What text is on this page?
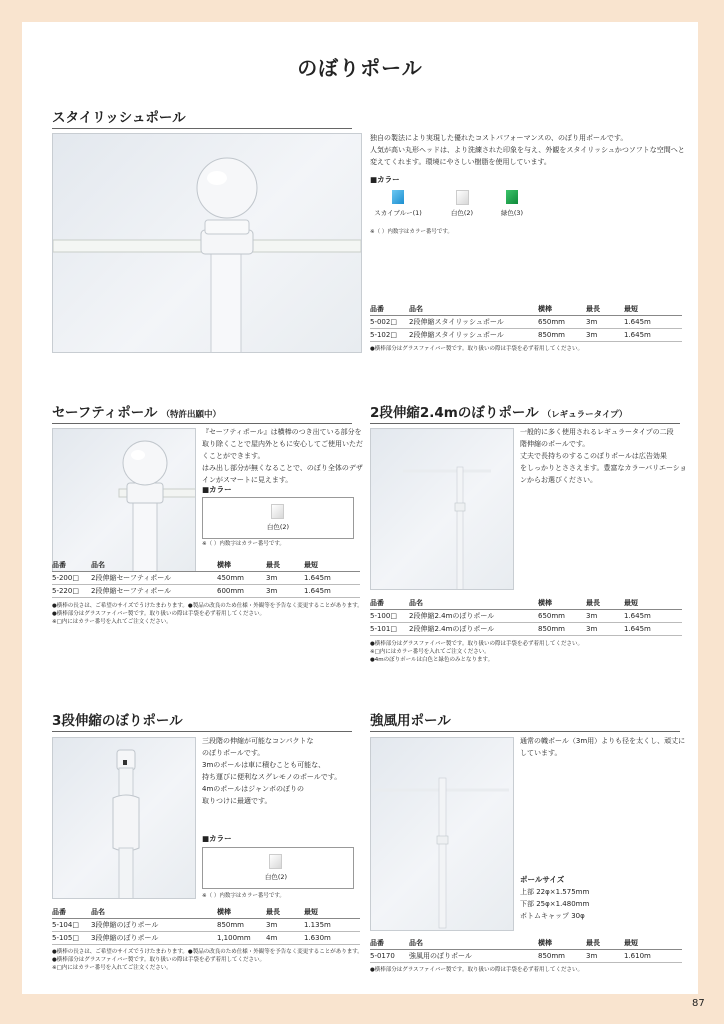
のぼりポール
スタイリッシュポール
独自の製法により実現した優れたコストパフォーマンスの、のぼり用ポールです。
人気が高い丸形ヘッドは、より洗練された印象を与え、外観をスタイリッシュかつソフトな空間へと
変えてくれます。環境にやさしい樹脂を使用しています。
■カラー
スカイブルー(1)	白色(2)	緑色(3)
※（ ）内数字はカラー番号です。
品番	品名	横棒	最長	最短
5-002□	2段伸縮スタイリッシュポール	650mm	3m	1.645m
5-102□	2段伸縮スタイリッシュポール	850mm	3m	1.645m
●横棒部分はグラスファイバー製です。取り扱いの際は手袋を必ず着用してください。
セーフティポール （特許出願中）
『セーフティポール』は横棒のつき出ている部分を
取り除くことで屋内外ともに安心してご使用いただ
くことができます。
はみ出し部分が無くなることで、のぼり全体のデザ
インがスマートに見えます。
■カラー
白色(2)
※（ ）内数字はカラー番号です。
品番	品名	横棒	最長	最短
5-200□	2段伸縮セーフティポール	450mm	3m	1.645m
5-220□	2段伸縮セーフティポール	600mm	3m	1.645m
●横棒の長さは、ご希望のサイズでうけたまわります。●製品の改良のため仕様・外観等を予告なく変更することがあります。
●横棒部分はグラスファイバー製です。取り扱いの際は手袋を必ず着用してください。
※□内にはカラー番号を入れてご注文ください。
2段伸縮2.4mのぼりポール （レギュラータイプ）
一般的に多く使用されるレギュラータイプの二段
階伸縮のポールです。
丈夫で長持ちのするこのぼりポールは広告効果
をしっかりとささえます。豊富なカラーバリエーショ
ンからお選びください。
品番	品名	横棒	最長	最短
5-100□	2段伸縮2.4mのぼりポール	650mm	3m	1.645m
5-101□	2段伸縮2.4mのぼりポール	850mm	3m	1.645m
●横棒部分はグラスファイバー製です。取り扱いの際は手袋を必ず着用してください。
※□内にはカラー番号を入れてご注文ください。
●4mのぼりポールは白色と緑色のみとなります。
3段伸縮のぼりポール
三段階の伸縮が可能なコンパクトな
のぼりポールです。
3mのポールは車に積むことも可能な、
持ち運びに便利なスグレモノのポールです。
4mのポールはジャンボのぼりの
取りつけに最適です。
■カラー
白色(2)
※（ ）内数字はカラー番号です。
品番	品名	横棒	最長	最短
5-104□	3段伸縮のぼりポール	850mm	3m	1.135m
5-105□	3段伸縮のぼりポール	1,100mm	4m	1.630m
●横棒の長さは、ご希望のサイズでうけたまわります。●製品の改良のため仕様・外観等を予告なく変更することがあります。
●横棒部分はグラスファイバー製です。取り扱いの際は手袋を必ず着用してください。
※□内にはカラー番号を入れてご注文ください。
強風用ポール
通常の幟ポール（3m用）よりも径を太くし、頑丈に
しています。
ポールサイズ
上部 22φ×1.575mm
下部 25φ×1.480mm
ボトムキャップ 30φ
品番	品名	横棒	最長	最短
5-0170	強風用のぼりポール	850mm	3m	1.610m
●横棒部分はグラスファイバー製です。取り扱いの際は手袋を必ず着用してください。
87
